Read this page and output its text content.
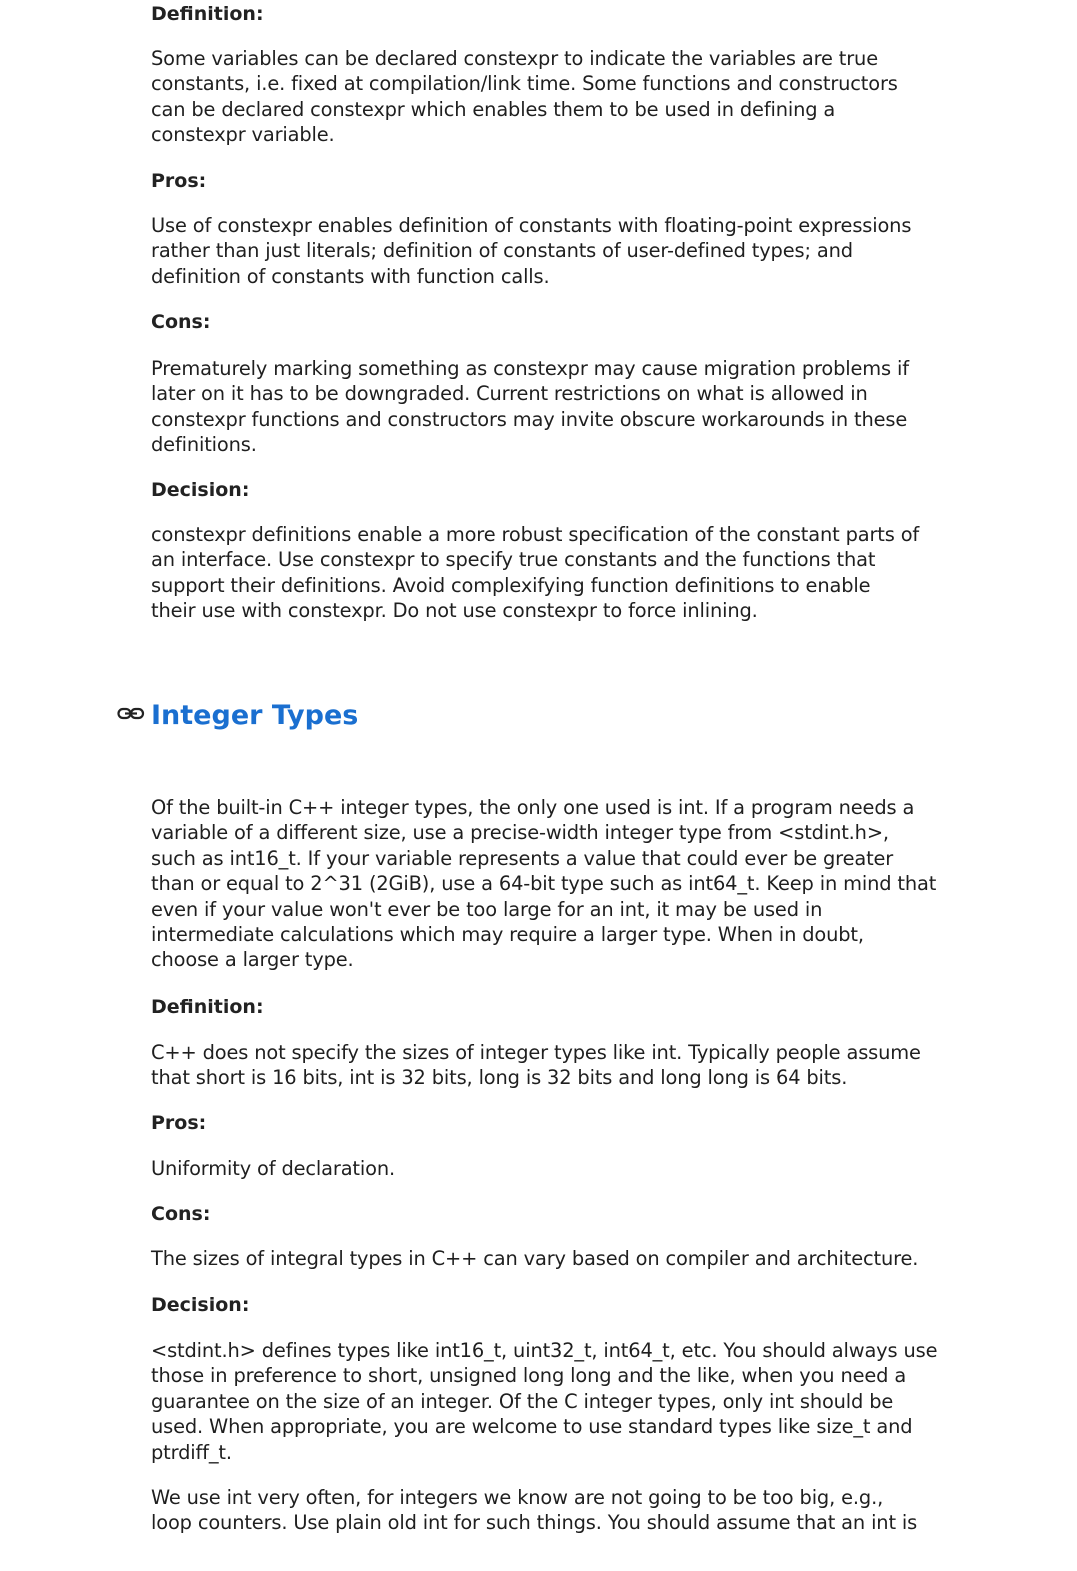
Definition:

Some variables can be declared constexpr to indicate the variables are true
constants, i.e. fixed at compilation/link time. Some functions and constructors
can be declared constexpr which enables them to be used in defining a
constexpr variable.

Pros:

Use of constexpr enables definition of constants with floating-point expressions
rather than just literals; definition of constants of user-defined types; and
definition of constants with function calls.

Cons:

Prematurely marking something as constexpr may cause migration problems if
later on it has to be downgraded. Current restrictions on what is allowed in
constexpr functions and constructors may invite obscure workarounds in these
definitions.

Decision:

constexpr definitions enable a more robust specification of the constant parts of
an interface. Use constexpr to specify true constants and the functions that
support their definitions. Avoid complexifying function definitions to enable
their use with constexpr. Do not use constexpr to force inlining.

Of the built-in C++ integer types, the only one used is int. If a program needs a
variable of a different size, use a precise-width integer type from <stdint.h>,
such as int16_t. If your variable represents a value that could ever be greater
than or equal to 2^31 (2GiB), use a 64-bit type such as int64_t. Keep in mind that
even if your value won't ever be too large for an int, it may be used in
intermediate calculations which may require a larger type. When in doubt,
choose a larger type.

Definition:

C++ does not specify the sizes of integer types like int. Typically people assume
that short is 16 bits, int is 32 bits, long is 32 bits and long long is 64 bits.

Pros:

Uniformity of declaration.

Cons:

The sizes of integral types in C++ can vary based on compiler and architecture.

Decision:

<stdint.h> defines types like int16_t, uint32_t, int64_t, etc. You should always use
those in preference to short, unsigned long long and the like, when you need a
guarantee on the size of an integer. Of the C integer types, only int should be
used. When appropriate, you are welcome to use standard types like size_t and
ptrdiff_t.

We use int very often, for integers we know are not going to be too big, e.g.,
loop counters. Use plain old int for such things. You should assume that an int is

Integer Types
